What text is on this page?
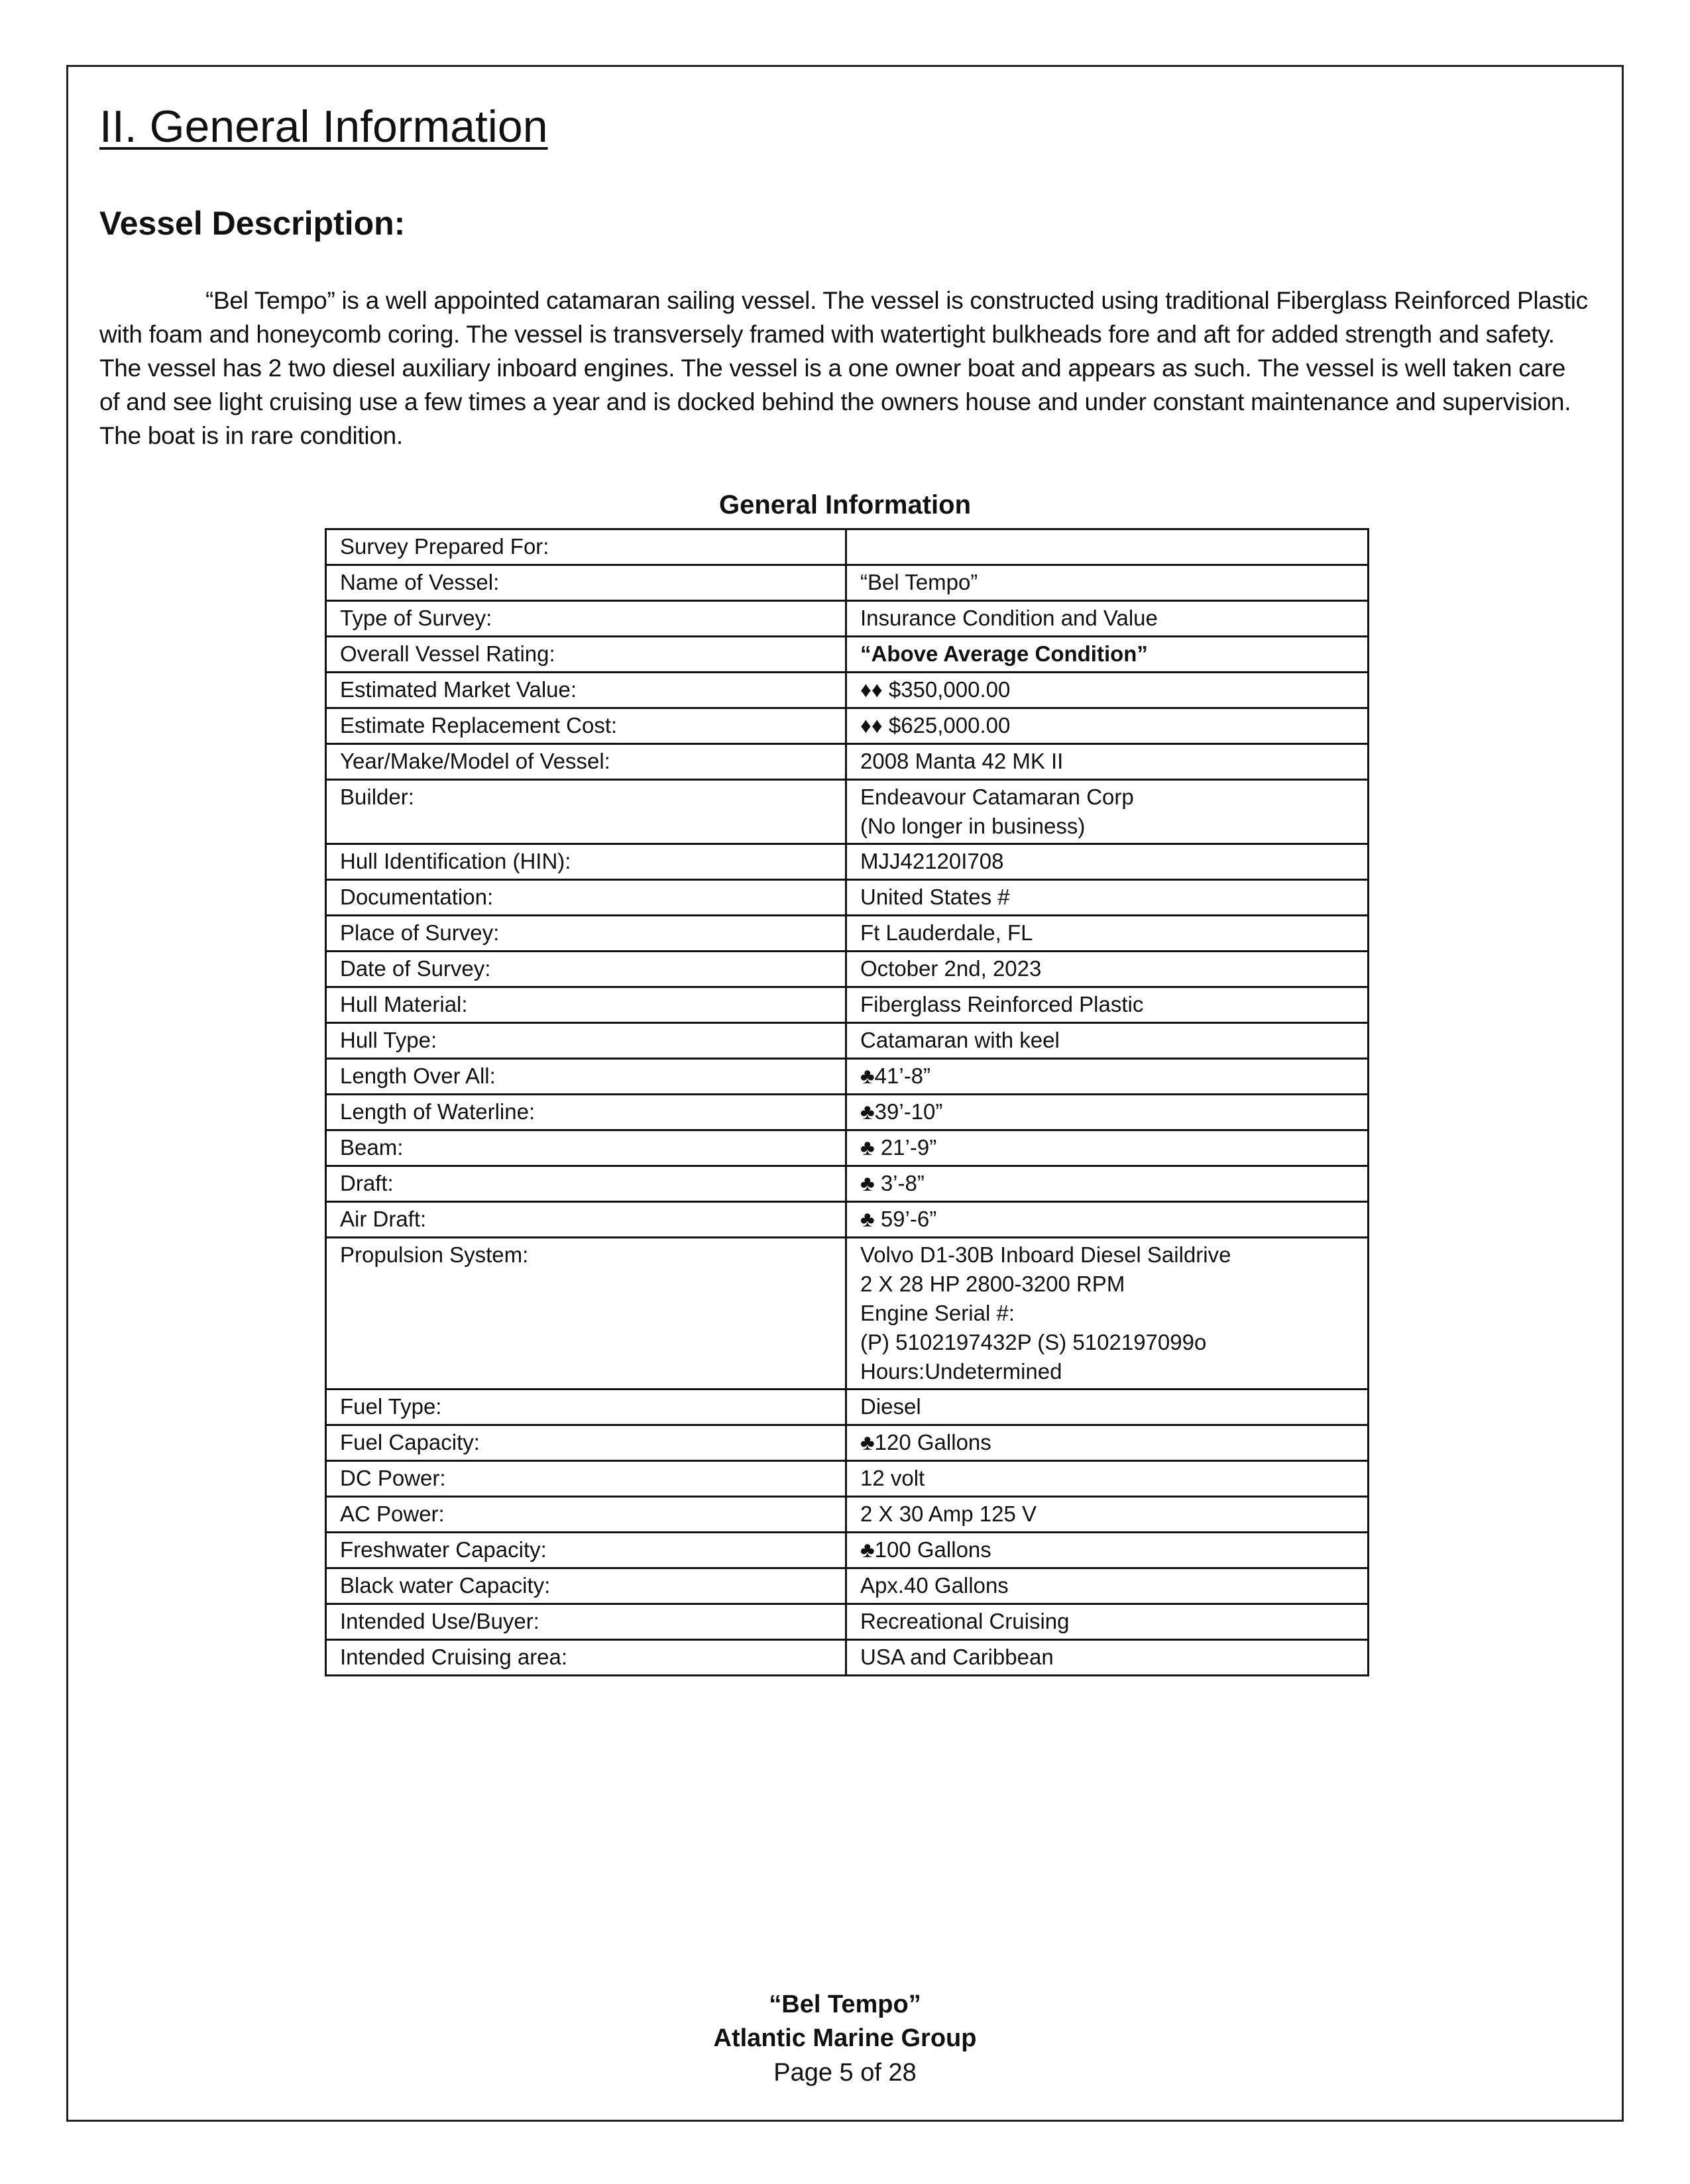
II. General Information
Vessel Description:

“Bel Tempo” is a well appointed catamaran sailing vessel. The vessel is constructed using traditional Fiberglass Reinforced Plastic with foam and honeycomb coring. The vessel is transversely framed with watertight bulkheads fore and aft for added strength and safety. The vessel has 2 two diesel auxiliary inboard engines. The vessel is a one owner boat and appears as such. The vessel is well taken care of and see light cruising use a few times a year and is docked behind the owners house and under constant maintenance and supervision. The boat is in rare condition.

General Information
Survey Prepared For:	
Name of Vessel:	“Bel Tempo”
Type of Survey:	Insurance Condition and Value
Overall Vessel Rating:	“Above Average Condition”
Estimated Market Value:	♦♦ $350,000.00
Estimate Replacement Cost:	♦♦ $625,000.00
Year/Make/Model of Vessel:	2008 Manta 42 MK II
Builder:	Endeavour Catamaran Corp
(No longer in business)
Hull Identification (HIN):	MJJ42120I708
Documentation:	United States #
Place of Survey:	Ft Lauderdale, FL
Date of Survey:	October 2nd, 2023
Hull Material:	Fiberglass Reinforced Plastic
Hull Type:	Catamaran with keel
Length Over All:	♣41’-8”
Length of Waterline:	♣39’-10”
Beam:	♣ 21’-9”
Draft:	♣ 3’-8”
Air Draft:	♣ 59’-6”
Propulsion System:	Volvo D1-30B Inboard Diesel Saildrive
2 X 28 HP 2800-3200 RPM
Engine Serial #:
(P) 5102197432P (S) 5102197099o
Hours:Undetermined
Fuel Type:	Diesel
Fuel Capacity:	♣120 Gallons
DC Power:	12 volt
AC Power:	2 X 30 Amp 125 V
Freshwater Capacity:	♣100 Gallons
Black water Capacity:	Apx.40 Gallons
Intended Use/Buyer:	Recreational Cruising
Intended Cruising area:	USA and Caribbean

“Bel Tempo”

Atlantic Marine Group

Page 5 of 28
